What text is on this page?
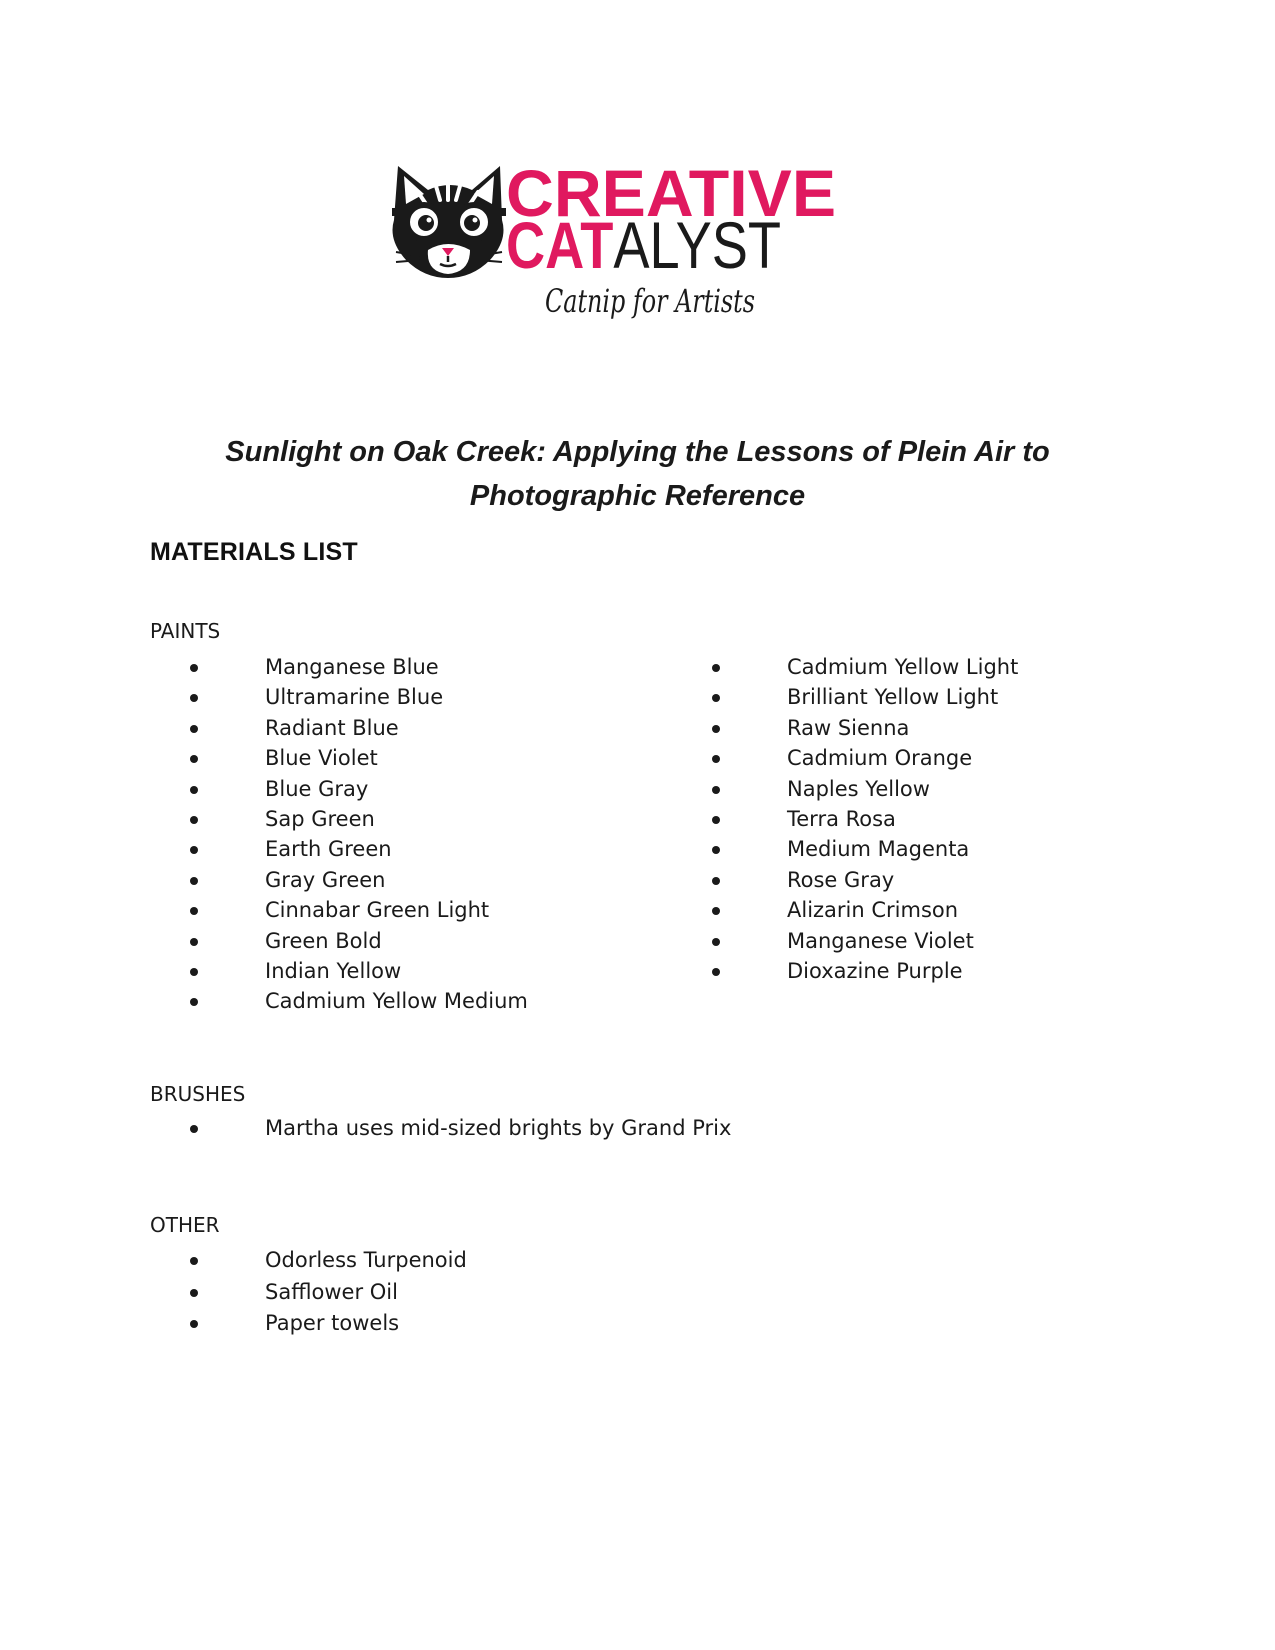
CREATIVE
CATALYST
Catnip for Artists
Sunlight on Oak Creek: Applying the Lessons of Plein Air to
Photographic Reference
MATERIALS LIST
PAINTS
Manganese Blue
Ultramarine Blue
Radiant Blue
Blue Violet
Blue Gray
Sap Green
Earth Green
Gray Green
Cinnabar Green Light
Green Bold
Indian Yellow
Cadmium Yellow Medium
Cadmium Yellow Light
Brilliant Yellow Light
Raw Sienna
Cadmium Orange
Naples Yellow
Terra Rosa
Medium Magenta
Rose Gray
Alizarin Crimson
Manganese Violet
Dioxazine Purple
BRUSHES
Martha uses mid-sized brights by Grand Prix
OTHER
Odorless Turpenoid
Safflower Oil
Paper towels
